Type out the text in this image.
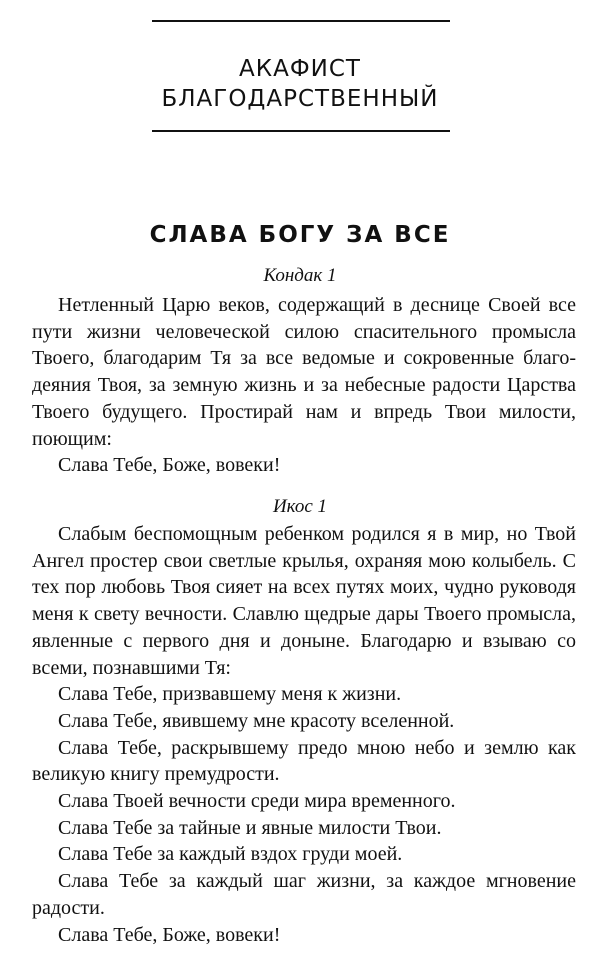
АКАФИСТ
БЛАГОДАРСТВЕННЫЙ
СЛАВА БОГУ ЗА ВСЕ
Кондак 1

Нетленный Царю веков, содержащий в деснице Своей все пути жизни человеческой силою спасительного промысла Твоего, благодарим Тя за все ведомые и сокровенные благодеяния Твоя, за земную жизнь и за небесные радости Царства Твоего будущего. Простирай нам и впредь Твои милости, поющим:

Слава Тебе, Боже, вовеки!

Икос 1

Слабым беспомощным ребенком родился я в мир, но Твой Ангел простер свои светлые крылья, охраняя мою колыбель. С тех пор любовь Твоя сияет на всех путях моих, чудно руководя меня к свету вечности. Славлю щедрые дары Твоего промысла, явленные с первого дня и доныне. Благодарю и взываю со всеми, познавшими Тя:

Слава Тебе, призвавшему меня к жизни.

Слава Тебе, явившему мне красоту вселенной.

Слава Тебе, раскрывшему предо мною небо и землю как великую книгу премудрости.

Слава Твоей вечности среди мира временного.

Слава Тебе за тайные и явные милости Твои.

Слава Тебе за каждый вздох груди моей.

Слава Тебе за каждый шаг жизни, за каждое мгновение радости.

Слава Тебе, Боже, вовеки!
